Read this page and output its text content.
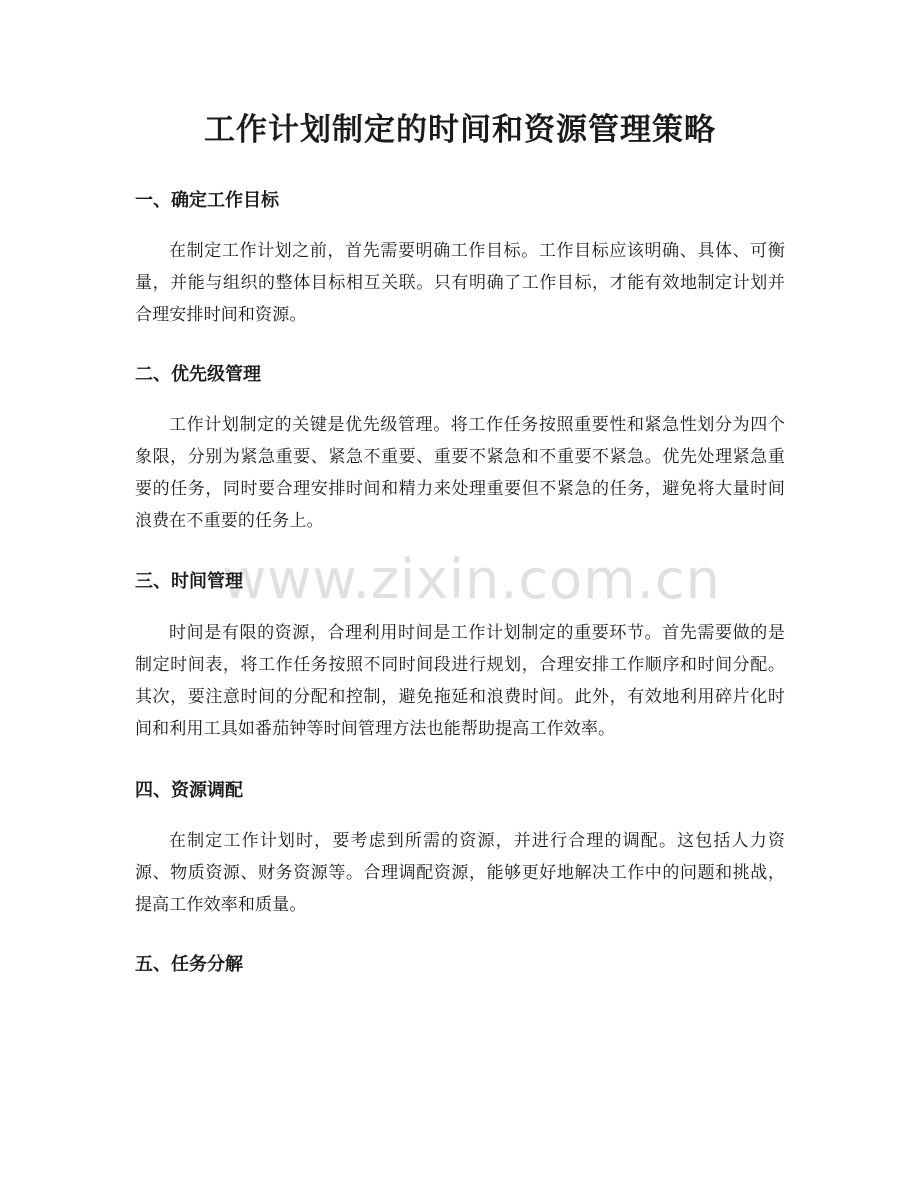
工作计划制定的时间和资源管理策略
一、确定工作目标

在制定工作计划之前，首先需要明确工作目标。工作目标应该明确、具体、可衡量，并能与组织的整体目标相互关联。只有明确了工作目标，才能有效地制定计划并合理安排时间和资源。

二、优先级管理

工作计划制定的关键是优先级管理。将工作任务按照重要性和紧急性划分为四个象限，分别为紧急重要、紧急不重要、重要不紧急和不重要不紧急。优先处理紧急重要的任务，同时要合理安排时间和精力来处理重要但不紧急的任务，避免将大量时间浪费在不重要的任务上。

三、时间管理

时间是有限的资源，合理利用时间是工作计划制定的重要环节。首先需要做的是制定时间表，将工作任务按照不同时间段进行规划，合理安排工作顺序和时间分配。其次，要注意时间的分配和控制，避免拖延和浪费时间。此外，有效地利用碎片化时间和利用工具如番茄钟等时间管理方法也能帮助提高工作效率。

四、资源调配

在制定工作计划时，要考虑到所需的资源，并进行合理的调配。这包括人力资源、物质资源、财务资源等。合理调配资源，能够更好地解决工作中的问题和挑战，提高工作效率和质量。

五、任务分解
www.zixin.com.cn
